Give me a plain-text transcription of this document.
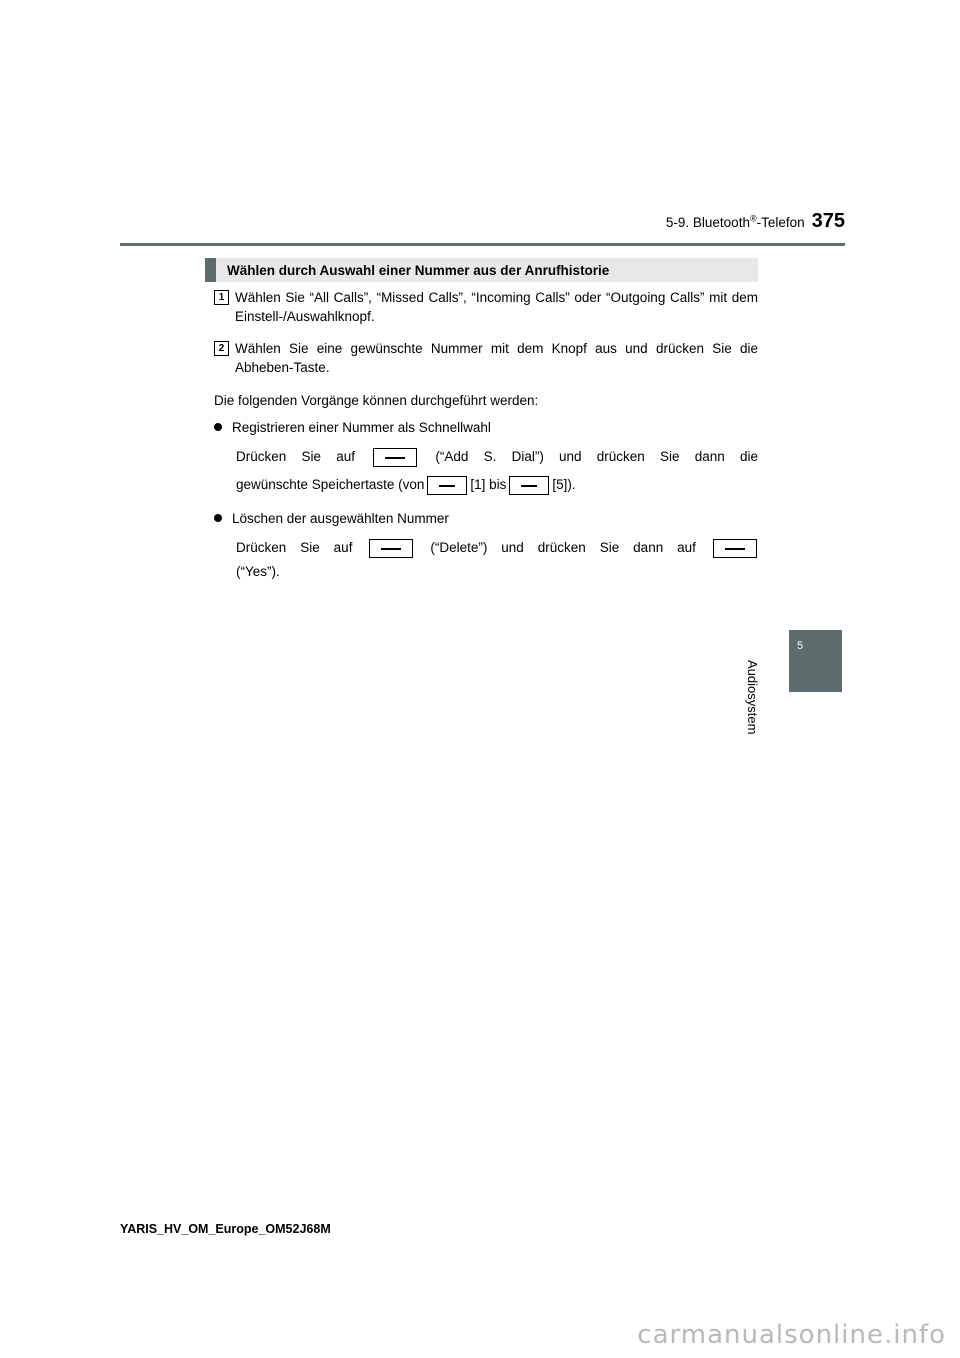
5-9. Bluetooth®-Telefon 375
Wählen durch Auswahl einer Nummer aus der Anrufhistorie
1 Wählen Sie “All Calls”, “Missed Calls”, “Incoming Calls” oder “Outgoing Calls” mit dem Einstell-/Auswahlknopf.
2 Wählen Sie eine gewünschte Nummer mit dem Knopf aus und drücken Sie die Abheben-Taste.
Die folgenden Vorgänge können durchgeführt werden:
Registrieren einer Nummer als Schnellwahl
Drücken Sie auf	(“Add S. Dial”) und drücken Sie dann die
gewünschte Speichertaste (von	[1] bis	[5]).
Löschen der ausgewählten Nummer
Drücken Sie auf	(“Delete”) und drücken Sie dann auf
(“Yes”).
5
Audiosystem
YARIS_HV_OM_Europe_OM52J68M
carmanualsonline.info
